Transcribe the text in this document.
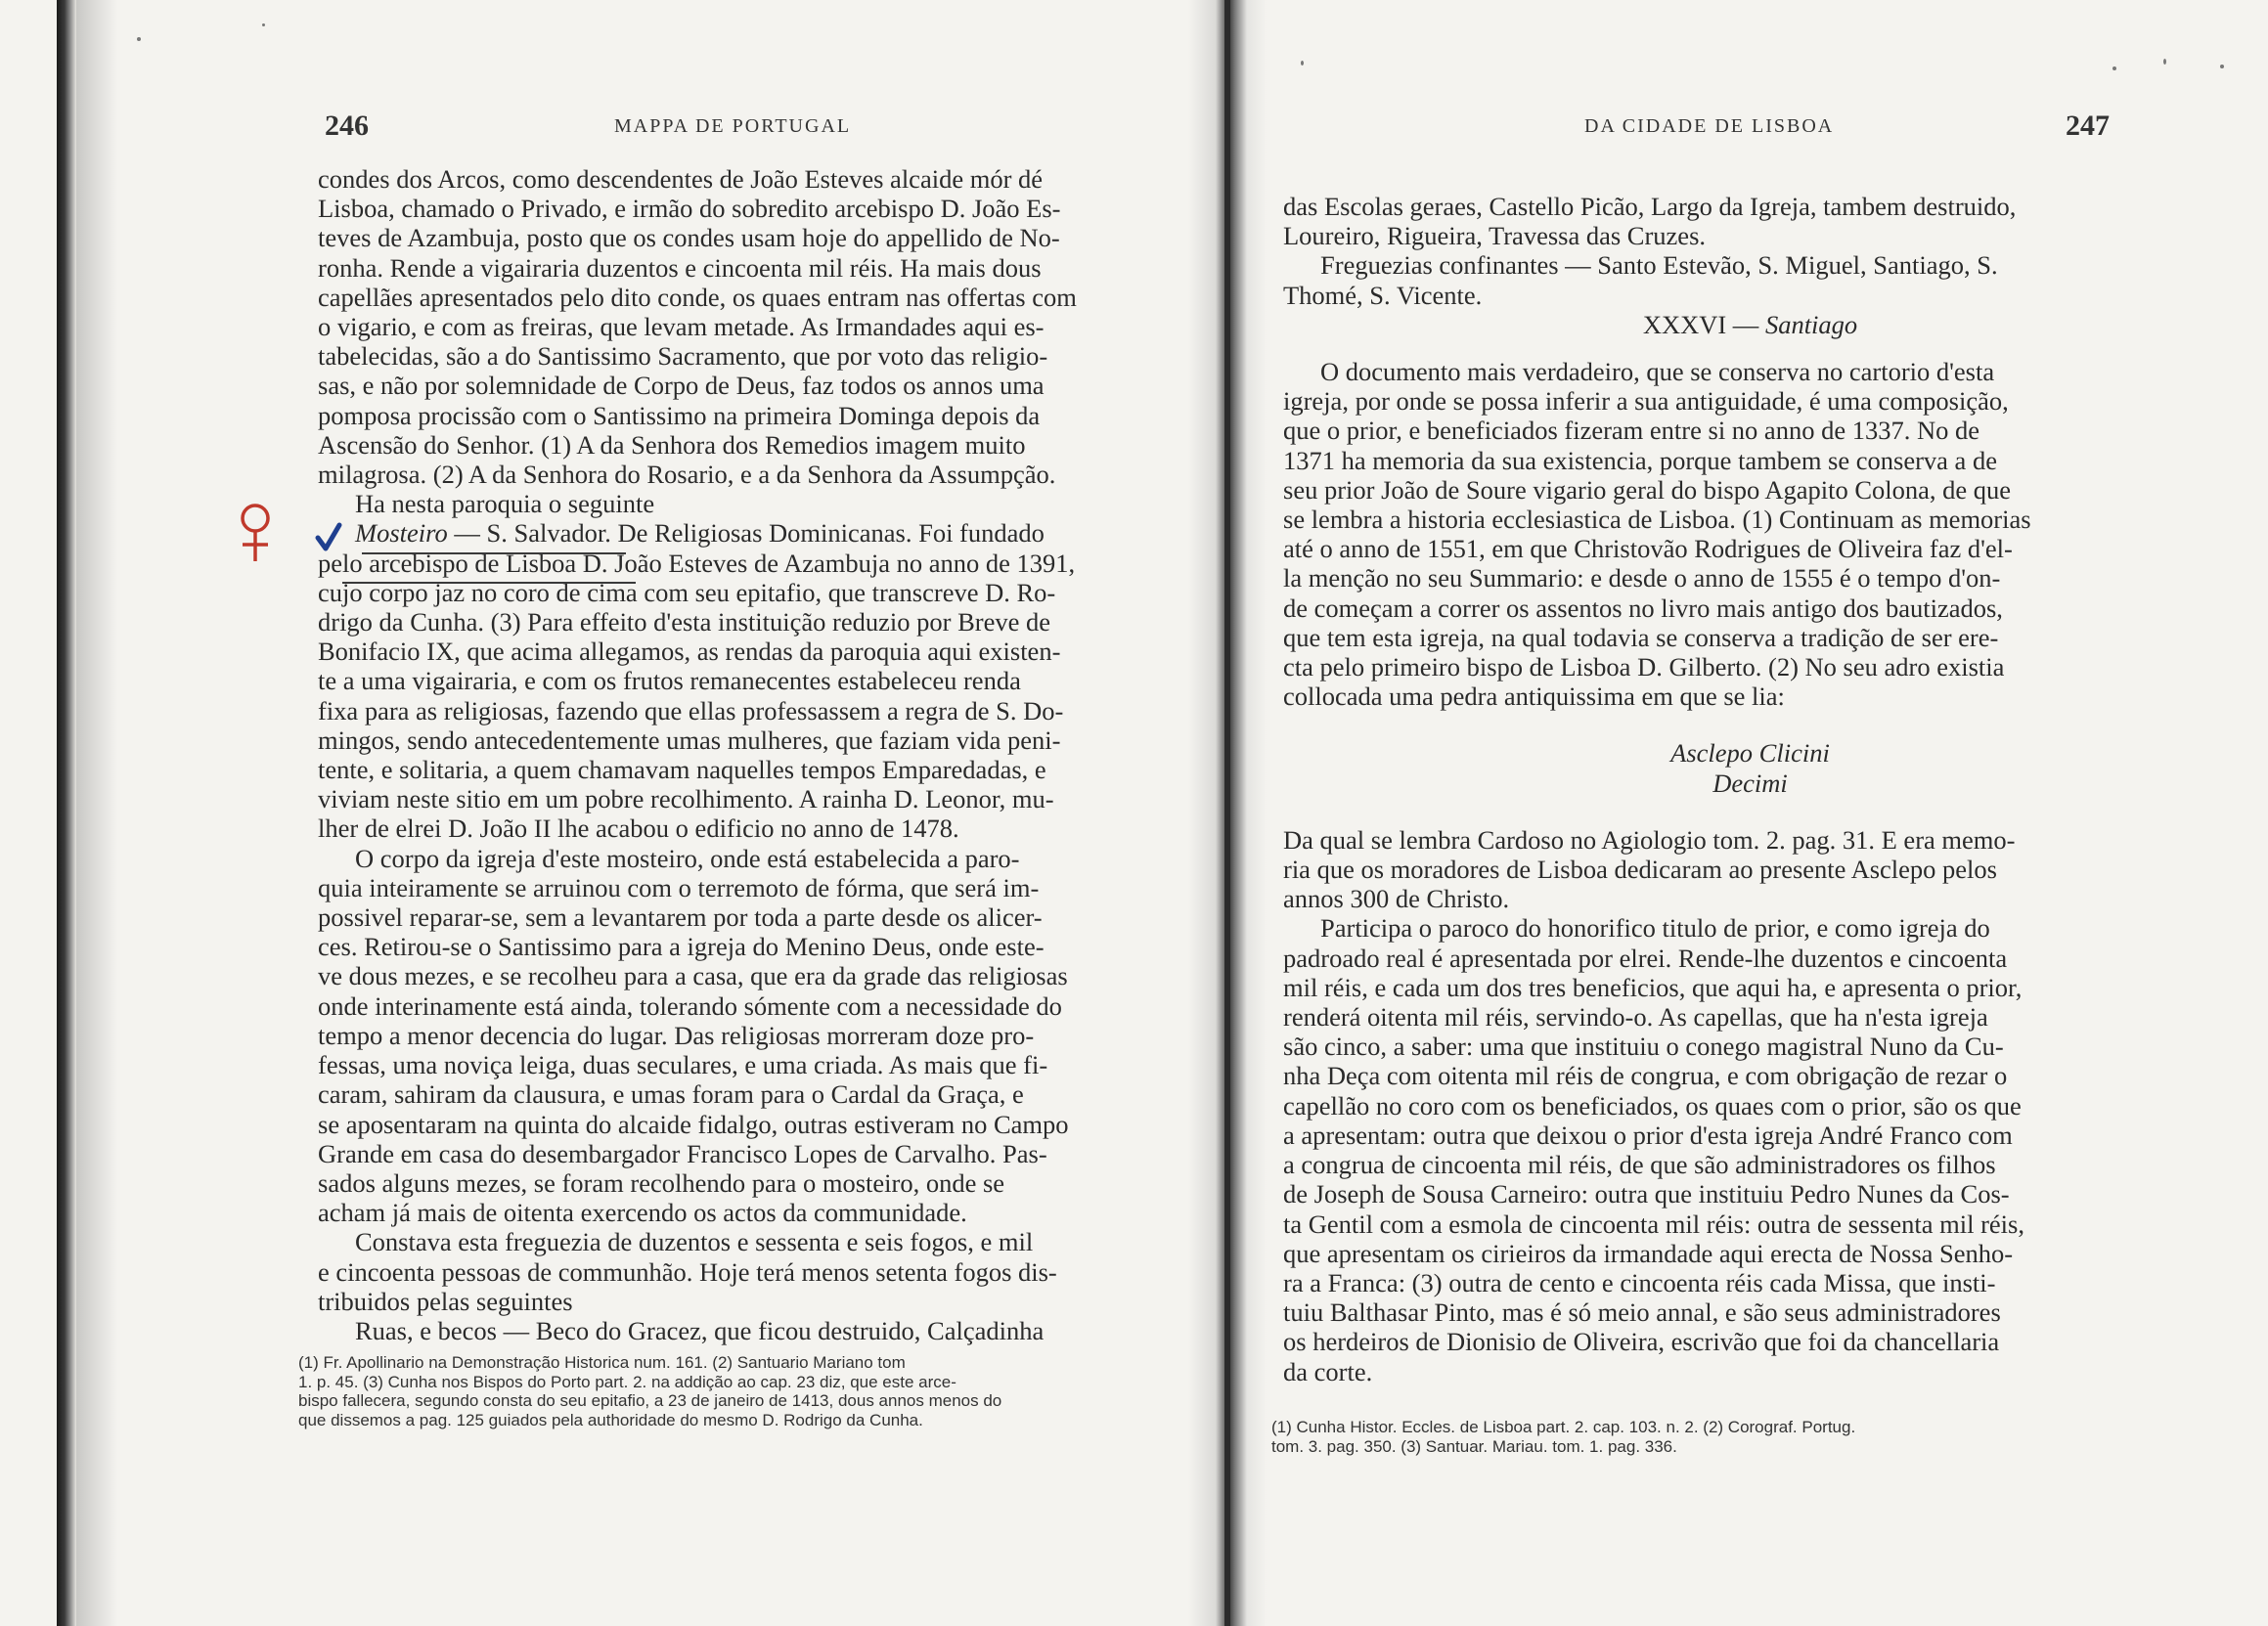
246	MAPPA DE PORTUGAL

condes dos Arcos, como descendentes de João Esteves alcaide mór dé

Lisboa, chamado o Privado, e irmão do sobredito arcebispo D. João Es-

teves de Azambuja, posto que os condes usam hoje do appellido de No-

ronha. Rende a vigairaria duzentos e cincoenta mil réis. Ha mais dous

capellães apresentados pelo dito conde, os quaes entram nas offertas com

o vigario, e com as freiras, que levam metade. As Irmandades aqui es-

tabelecidas, são a do Santissimo Sacramento, que por voto das religio-

sas, e não por solemnidade de Corpo de Deus, faz todos os annos uma

pomposa procissão com o Santissimo na primeira Dominga depois da

Ascensão do Senhor. (1) A da Senhora dos Remedios imagem muito

milagrosa. (2) A da Senhora do Rosario, e a da Senhora da Assumpção.

Ha nesta paroquia o seguinte

Mosteiro — S. Salvador. De Religiosas Dominicanas. Foi fundado

pelo arcebispo de Lisboa D. João Esteves de Azambuja no anno de 1391,

cujo corpo jaz no coro de cima com seu epitafio, que transcreve D. Ro-

drigo da Cunha. (3) Para effeito d'esta instituição reduzio por Breve de

Bonifacio IX, que acima allegamos, as rendas da paroquia aqui existen-

te a uma vigairaria, e com os frutos remanecentes estabeleceu renda

fixa para as religiosas, fazendo que ellas professassem a regra de S. Do-

mingos, sendo antecedentemente umas mulheres, que faziam vida peni-

tente, e solitaria, a quem chamavam naquelles tempos Emparedadas, e

viviam neste sitio em um pobre recolhimento. A rainha D. Leonor, mu-

lher de elrei D. João II lhe acabou o edificio no anno de 1478.

O corpo da igreja d'este mosteiro, onde está estabelecida a paro-

quia inteiramente se arruinou com o terremoto de fórma, que será im-

possivel reparar-se, sem a levantarem por toda a parte desde os alicer-

ces. Retirou-se o Santissimo para a igreja do Menino Deus, onde este-

ve dous mezes, e se recolheu para a casa, que era da grade das religiosas

onde interinamente está ainda, tolerando sómente com a necessidade do

tempo a menor decencia do lugar. Das religiosas morreram doze pro-

fessas, uma noviça leiga, duas seculares, e uma criada. As mais que fi-

caram, sahiram da clausura, e umas foram para o Cardal da Graça, e

se aposentaram na quinta do alcaide fidalgo, outras estiveram no Campo

Grande em casa do desembargador Francisco Lopes de Carvalho. Pas-

sados alguns mezes, se foram recolhendo para o mosteiro, onde se

acham já mais de oitenta exercendo os actos da communidade.

Constava esta freguezia de duzentos e sessenta e seis fogos, e mil

e cincoenta pessoas de communhão. Hoje terá menos setenta fogos dis-

tribuidos pelas seguintes

Ruas, e becos — Beco do Gracez, que ficou destruido, Calçadinha

(1) Fr. Apollinario na Demonstração Historica num. 161. (2) Santuario Mariano tom

1. p. 45. (3) Cunha nos Bispos do Porto part. 2. na addição ao cap. 23 diz, que este arce-

bispo fallecera, segundo consta do seu epitafio, a 23 de janeiro de 1413, dous annos menos do

que dissemos a pag. 125 guiados pela authoridade do mesmo D. Rodrigo da Cunha.

DA CIDADE DE LISBOA	247

das Escolas geraes, Castello Picão, Largo da Igreja, tambem destruido,

Loureiro, Rigueira, Travessa das Cruzes.

Freguezias confinantes — Santo Estevão, S. Miguel, Santiago, S.

Thomé, S. Vicente.

XXXVI — Santiago

O documento mais verdadeiro, que se conserva no cartorio d'esta

igreja, por onde se possa inferir a sua antiguidade, é uma composição,

que o prior, e beneficiados fizeram entre si no anno de 1337. No de

1371 ha memoria da sua existencia, porque tambem se conserva a de

seu prior João de Soure vigario geral do bispo Agapito Colona, de que

se lembra a historia ecclesiastica de Lisboa. (1) Continuam as memorias

até o anno de 1551, em que Christovão Rodrigues de Oliveira faz d'el-

la menção no seu Summario: e desde o anno de 1555 é o tempo d'on-

de começam a correr os assentos no livro mais antigo dos bautizados,

que tem esta igreja, na qual todavia se conserva a tradição de ser ere-

cta pelo primeiro bispo de Lisboa D. Gilberto. (2) No seu adro existia

collocada uma pedra antiquissima em que se lia:

Asclepo Clicini

Decimi

Da qual se lembra Cardoso no Agiologio tom. 2. pag. 31. E era memo-

ria que os moradores de Lisboa dedicaram ao presente Asclepo pelos

annos 300 de Christo.

Participa o paroco do honorifico titulo de prior, e como igreja do

padroado real é apresentada por elrei. Rende-lhe duzentos e cincoenta

mil réis, e cada um dos tres beneficios, que aqui ha, e apresenta o prior,

renderá oitenta mil réis, servindo-o. As capellas, que ha n'esta igreja

são cinco, a saber: uma que instituiu o conego magistral Nuno da Cu-

nha Deça com oitenta mil réis de congrua, e com obrigação de rezar o

capellão no coro com os beneficiados, os quaes com o prior, são os que

a apresentam: outra que deixou o prior d'esta igreja André Franco com

a congrua de cincoenta mil réis, de que são administradores os filhos

de Joseph de Sousa Carneiro: outra que instituiu Pedro Nunes da Cos-

ta Gentil com a esmola de cincoenta mil réis: outra de sessenta mil réis,

que apresentam os cirieiros da irmandade aqui erecta de Nossa Senho-

ra a Franca: (3) outra de cento e cincoenta réis cada Missa, que insti-

tuiu Balthasar Pinto, mas é só meio annal, e são seus administradores

os herdeiros de Dionisio de Oliveira, escrivão que foi da chancellaria

da corte.

(1) Cunha Histor. Eccles. de Lisboa part. 2. cap. 103. n. 2. (2) Corograf. Portug.

tom. 3. pag. 350. (3) Santuar. Mariau. tom. 1. pag. 336.
